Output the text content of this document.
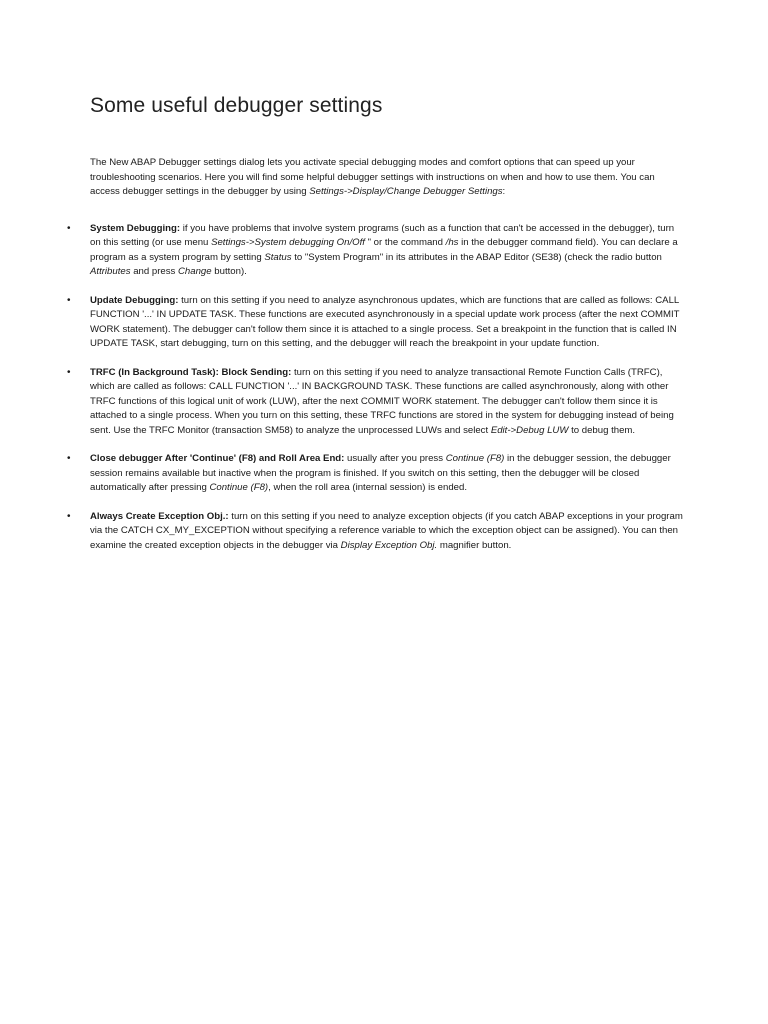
Some useful debugger settings

The New ABAP Debugger settings dialog lets you activate special debugging modes and comfort options that can speed up your troubleshooting scenarios. Here you will find some helpful debugger settings with instructions on when and how to use them. You can access debugger settings in the debugger by using Settings->Display/Change Debugger Settings:

• System Debugging: if you have problems that involve system programs (such as a function that can't be accessed in the debugger), turn on this setting (or use menu Settings->System debugging On/Off " or the command /hs in the debugger command field). You can declare a program as a system program by setting Status to "System Program" in its attributes in the ABAP Editor (SE38) (check the radio button Attributes and press Change button).
• Update Debugging: turn on this setting if you need to analyze asynchronous updates, which are functions that are called as follows: CALL FUNCTION '...' IN UPDATE TASK. These functions are executed asynchronously in a special update work process (after the next COMMIT WORK statement). The debugger can't follow them since it is attached to a single process. Set a breakpoint in the function that is called IN UPDATE TASK, start debugging, turn on this setting, and the debugger will reach the breakpoint in your update function.
• TRFC (In Background Task): Block Sending: turn on this setting if you need to analyze transactional Remote Function Calls (TRFC), which are called as follows: CALL FUNCTION '...' IN BACKGROUND TASK. These functions are called asynchronously, along with other TRFC functions of this logical unit of work (LUW), after the next COMMIT WORK statement. The debugger can't follow them since it is attached to a single process. When you turn on this setting, these TRFC functions are stored in the system for debugging instead of being sent. Use the TRFC Monitor (transaction SM58) to analyze the unprocessed LUWs and select Edit->Debug LUW to debug them.
• Close debugger After 'Continue' (F8) and Roll Area End: usually after you press Continue (F8) in the debugger session, the debugger session remains available but inactive when the program is finished. If you switch on this setting, then the debugger will be closed automatically after pressing Continue (F8), when the roll area (internal session) is ended.
• Always Create Exception Obj.: turn on this setting if you need to analyze exception objects (if you catch ABAP exceptions in your program via the CATCH CX_MY_EXCEPTION without specifying a reference variable to which the exception object can be assigned). You can then examine the created exception objects in the debugger via Display Exception Obj. magnifier button.
